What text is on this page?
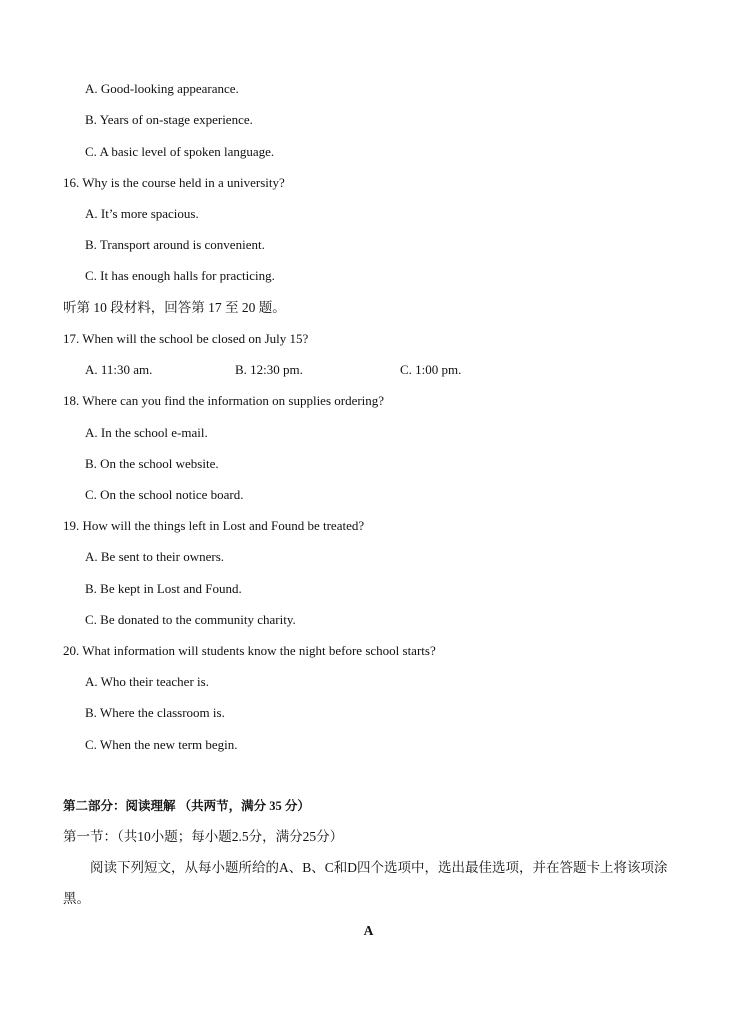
A. Good-looking appearance.
B. Years of on-stage experience.
C. A basic level of spoken language.
16. Why is the course held in a university?
A. It’s more spacious.
B. Transport around is convenient.
C. It has enough halls for practicing.
听第 10 段材料，回答第 17 至 20 题。
17. When will the school be closed on July 15?
A. 11:30 am.	B. 12:30 pm.	C. 1:00 pm.
18. Where can you find the information on supplies ordering?
A. In the school e-mail.
B. On the school website.
C. On the school notice board.
19. How will the things left in Lost and Found be treated?
A. Be sent to their owners.
B. Be kept in Lost and Found.
C. Be donated to the community charity.
20. What information will students know the night before school starts?
A. Who their teacher is.
B. Where the classroom is.
C. When the new term begin.
第二部分：阅读理解 （共两节，满分 35 分）
第一节：（共10小题；每小题2.5分，满分25分）
阅读下列短文，从每小题所给的A、B、C和D四个选项中，选出最佳选项，并在答题卡上将该项涂黑。
A
